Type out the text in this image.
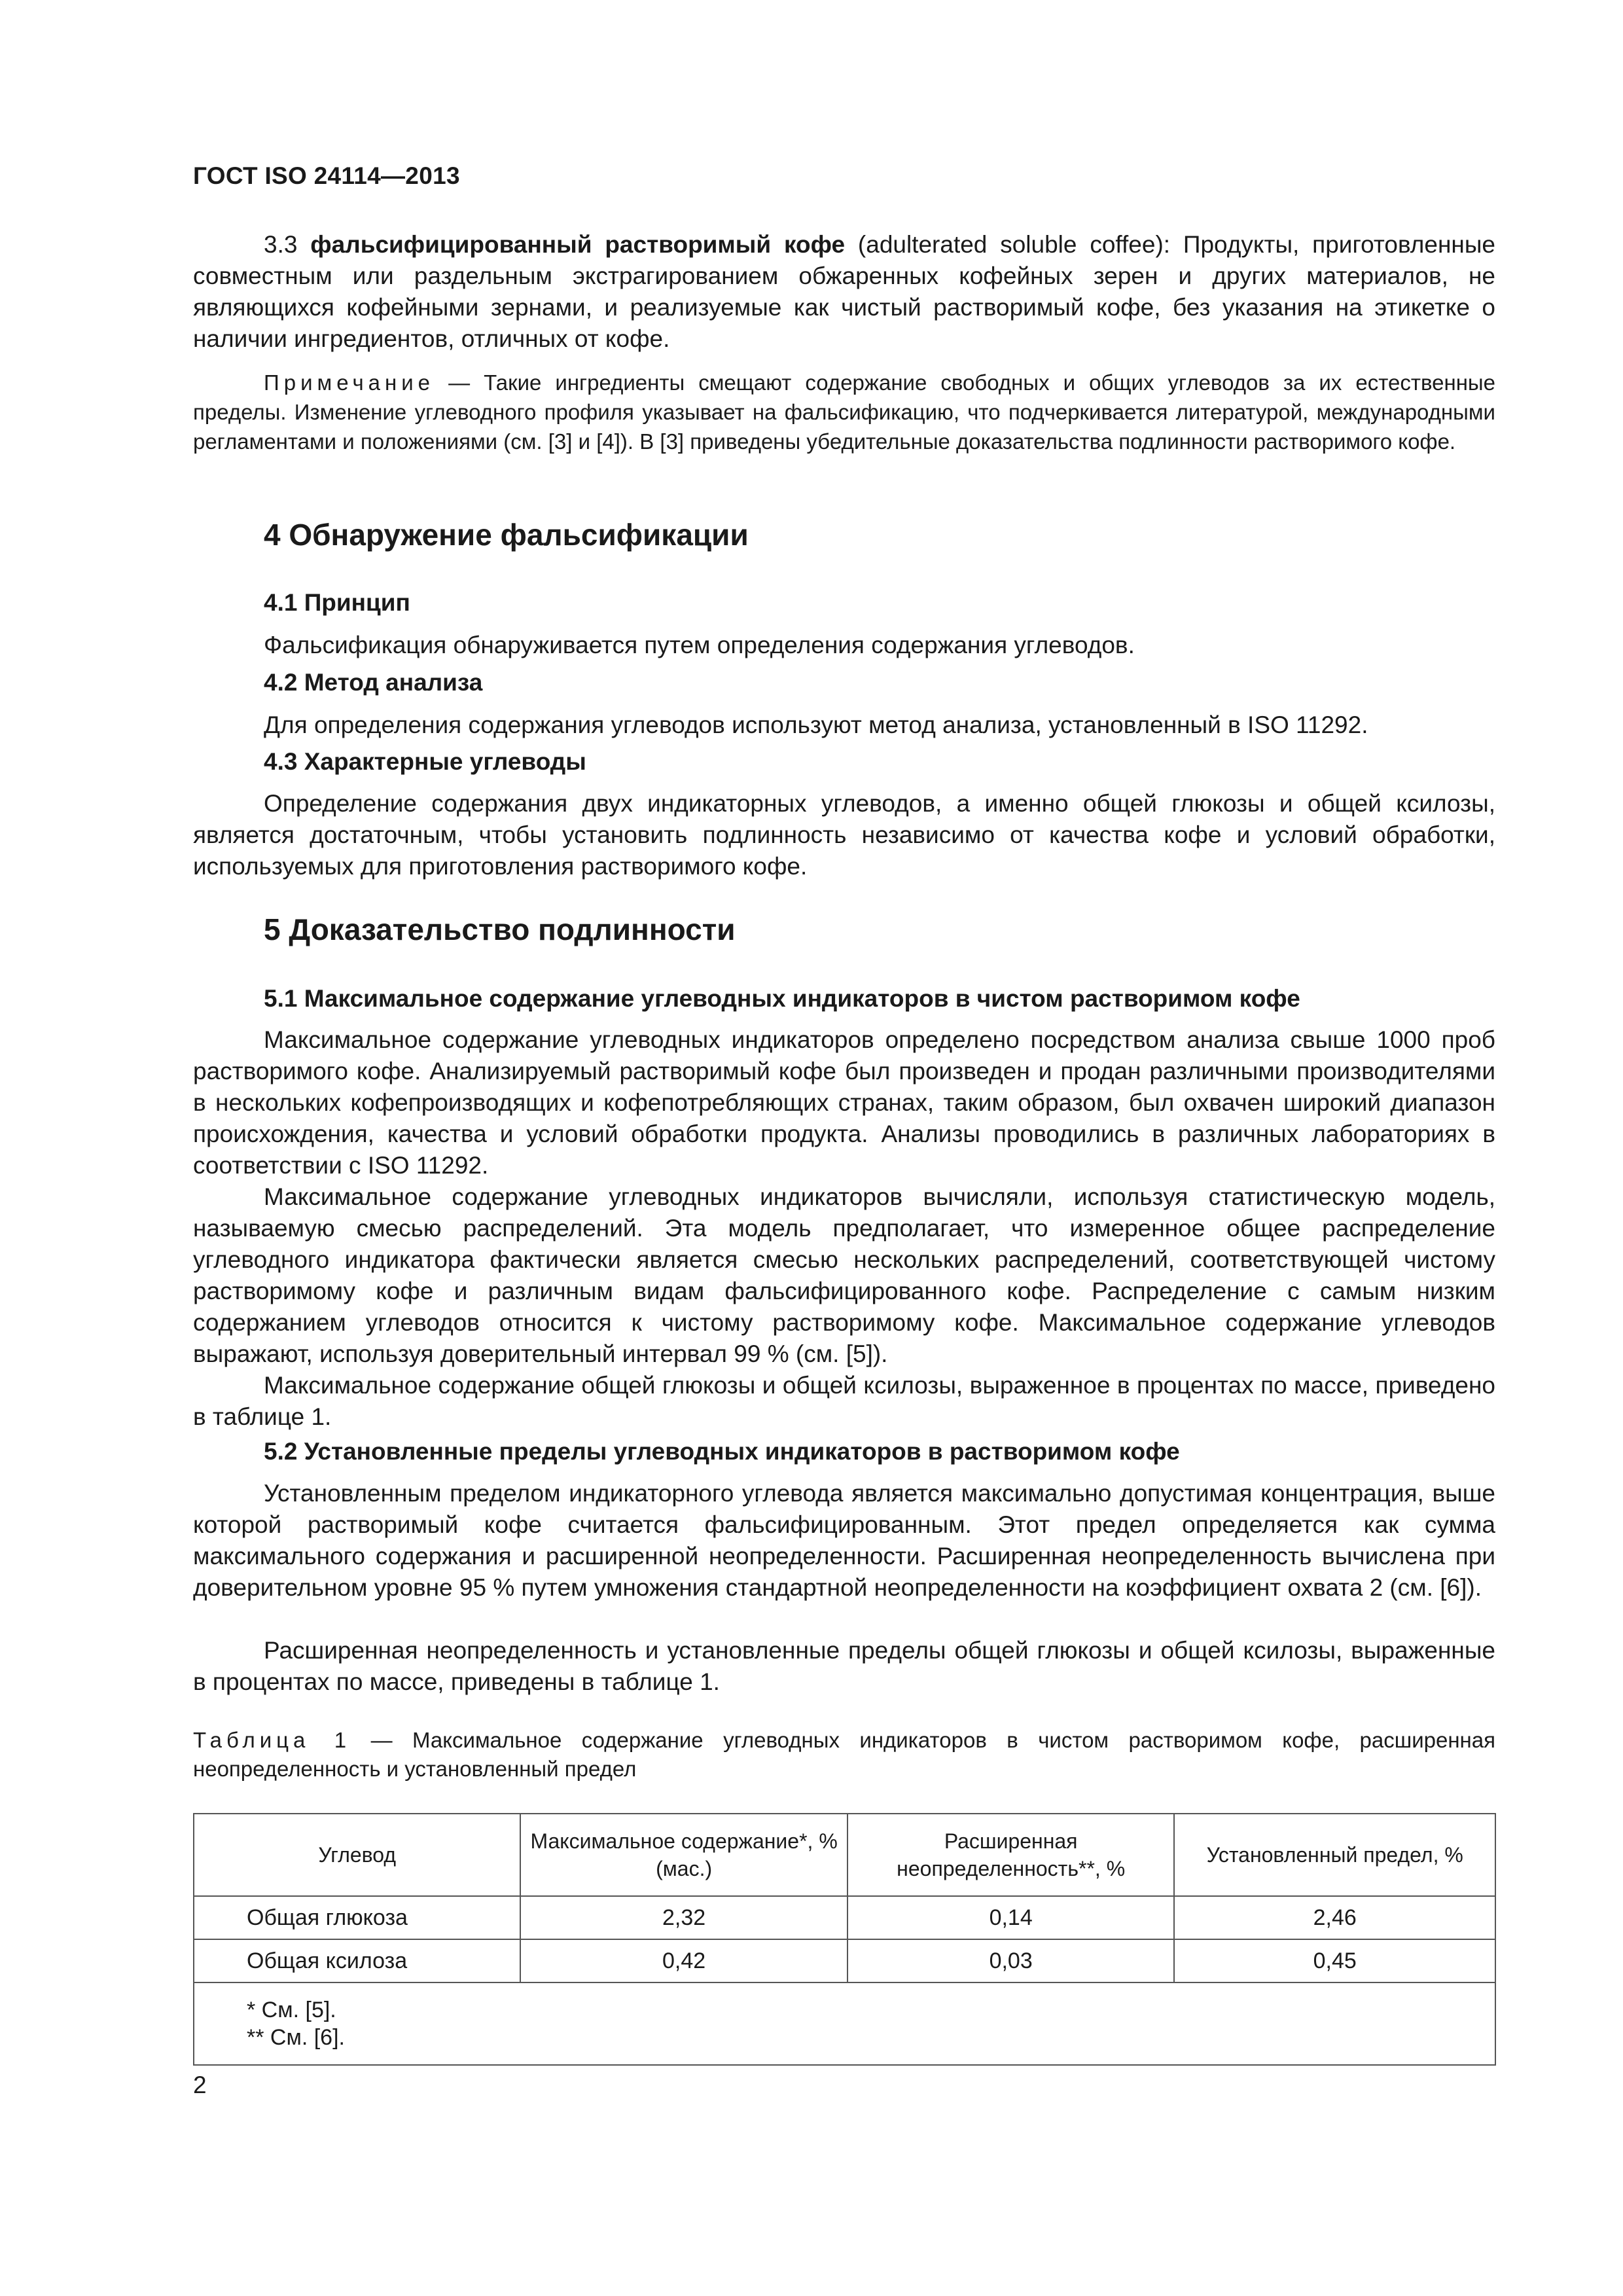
ГОСТ ISO 24114—2013

3.3 фальсифицированный растворимый кофе (adulterated soluble coffee): Продукты, приготовленные совместным или раздельным экстрагированием обжаренных кофейных зерен и других материалов, не являющихся кофейными зернами, и реализуемые как чистый растворимый кофе, без указания на этикетке о наличии ингредиентов, отличных от кофе.

Примечание — Такие ингредиенты смещают содержание свободных и общих углеводов за их естественные пределы. Изменение углеводного профиля указывает на фальсификацию, что подчеркивается литературой, международными регламентами и положениями (см. [3] и [4]). В [3] приведены убедительные доказательства подлинности растворимого кофе.

4 Обнаружение фальсификации
4.1 Принцип

Фальсификация обнаруживается путем определения содержания углеводов.

4.2 Метод анализа

Для определения содержания углеводов используют метод анализа, установленный в ISO 11292.

4.3 Характерные углеводы

Определение содержания двух индикаторных углеводов, а именно общей глюкозы и общей ксилозы, является достаточным, чтобы установить подлинность независимо от качества кофе и условий обработки, используемых для приготовления растворимого кофе.

5 Доказательство подлинности
5.1 Максимальное содержание углеводных индикаторов в чистом растворимом кофе

Максимальное содержание углеводных индикаторов определено посредством анализа свыше 1000 проб растворимого кофе. Анализируемый растворимый кофе был произведен и продан различными производителями в нескольких кофепроизводящих и кофепотребляющих странах, таким образом, был охвачен широкий диапазон происхождения, качества и условий обработки продукта. Анализы проводились в различных лабораториях в соответствии с ISO 11292.

Максимальное содержание углеводных индикаторов вычисляли, используя статистическую модель, называемую смесью распределений. Эта модель предполагает, что измеренное общее распределение углеводного индикатора фактически является смесью нескольких распределений, соответствующей чистому растворимому кофе и различным видам фальсифицированного кофе. Распределение с самым низким содержанием углеводов относится к чистому растворимому кофе. Максимальное содержание углеводов выражают, используя доверительный интервал 99 % (см. [5]).

Максимальное содержание общей глюкозы и общей ксилозы, выраженное в процентах по массе, приведено в таблице 1.

5.2 Установленные пределы углеводных индикаторов в растворимом кофе

Установленным пределом индикаторного углевода является максимально допустимая концентрация, выше которой растворимый кофе считается фальсифицированным. Этот предел определяется как сумма максимального содержания и расширенной неопределенности. Расширенная неопределенность вычислена при доверительном уровне 95 % путем умножения стандартной неопределенности на коэффициент охвата 2 (см. [6]).

Расширенная неопределенность и установленные пределы общей глюкозы и общей ксилозы, выраженные в процентах по массе, приведены в таблице 1.

Таблица 1 — Максимальное содержание углеводных индикаторов в чистом растворимом кофе, расширенная неопределенность и установленный предел

Углевод	Максимальное содержание*, % (мас.)	Расширенная неопределенность**, %	Установленный предел, %
Общая глюкоза	2,32	0,14	2,46
Общая ксилоза	0,42	0,03	0,45

* См. [5].
** См. [6].			
2
